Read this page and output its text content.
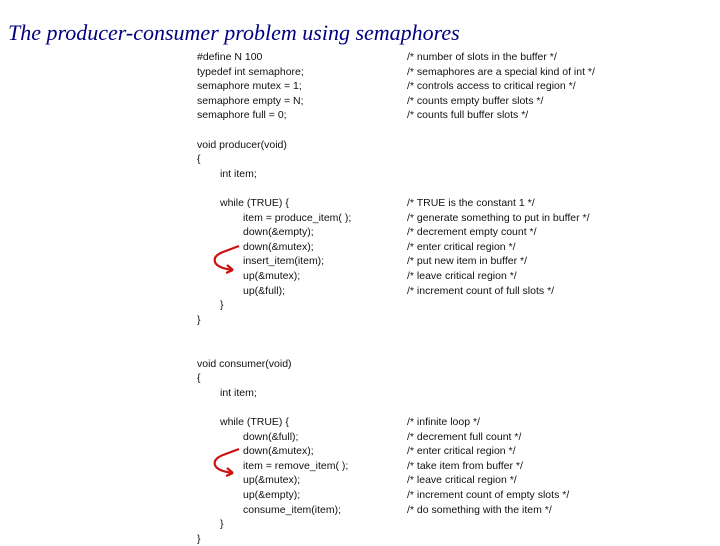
The producer-consumer problem using semaphores
#define N 100	/* number of slots in the buffer */
typedef int semaphore;	/* semaphores are a special kind of int */
semaphore mutex = 1;	/* controls access to critical region */
semaphore empty = N;	/* counts empty buffer slots */
semaphore full = 0;	/* counts full buffer slots */
void producer(void)
{
int item;
while (TRUE) {	/* TRUE is the constant 1 */
item = produce_item( );	/* generate something to put in buffer */
down(&empty);	/* decrement empty count */
down(&mutex);	/* enter critical region */
insert_item(item);	/* put new item in buffer */
up(&mutex);	/* leave critical region */
up(&full);	/* increment count of full slots */
}
}
void consumer(void)
{
int item;
while (TRUE) {	/* infinite loop */
down(&full);	/* decrement full count */
down(&mutex);	/* enter critical region */
item = remove_item( );	/* take item from buffer */
up(&mutex);	/* leave critical region */
up(&empty);	/* increment count of empty slots */
consume_item(item);	/* do something with the item */
}
}
